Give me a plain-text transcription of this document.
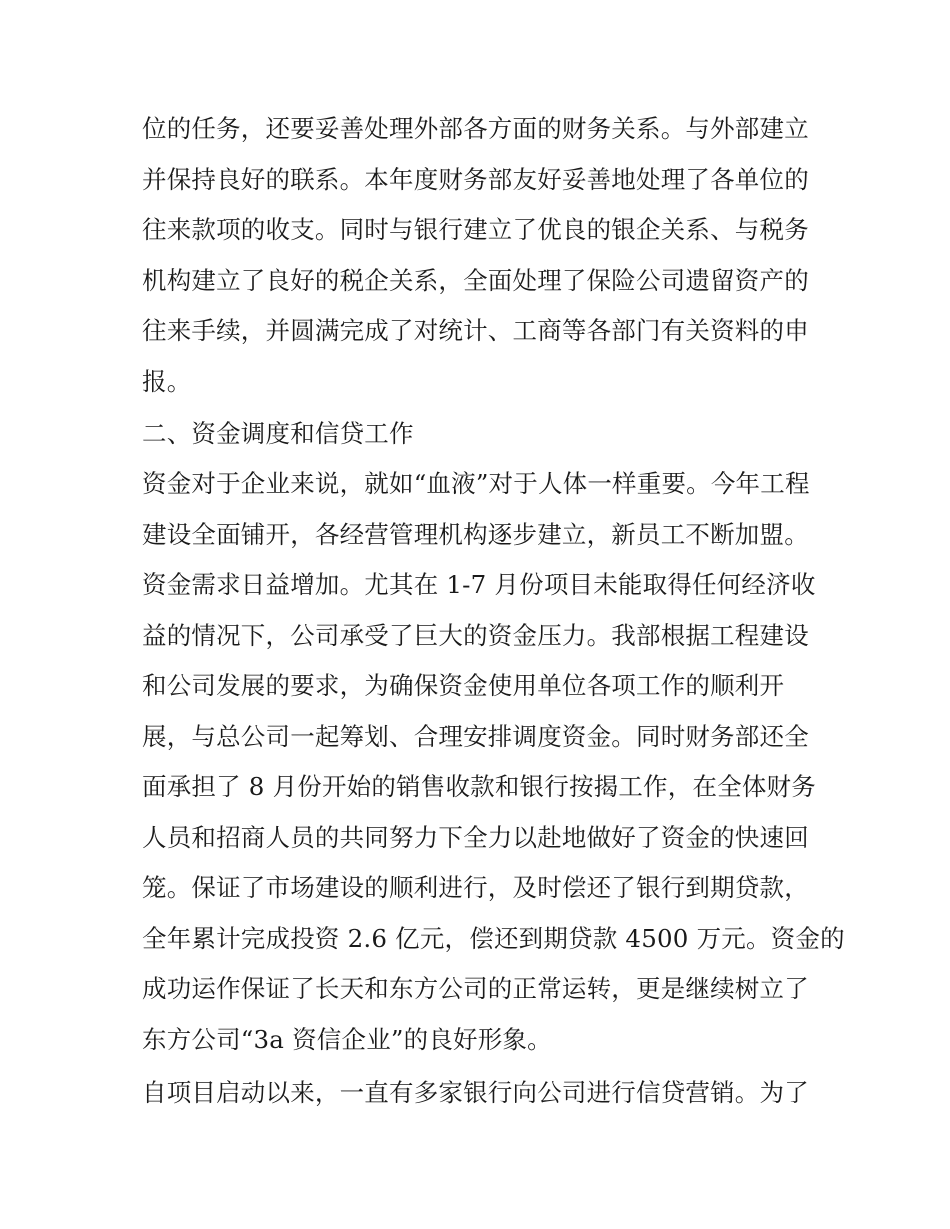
位的任务，还要妥善处理外部各方面的财务关系。与外部建立
并保持良好的联系。本年度财务部友好妥善地处理了各单位的
往来款项的收支。同时与银行建立了优良的银企关系、与税务
机构建立了良好的税企关系，全面处理了保险公司遗留资产的
往来手续，并圆满完成了对统计、工商等各部门有关资料的申
报。
二、资金调度和信贷工作
资金对于企业来说，就如“血液”对于人体一样重要。今年工程
建设全面铺开，各经营管理机构逐步建立，新员工不断加盟。
资金需求日益增加。尤其在 1-7 月份项目未能取得任何经济收
益的情况下，公司承受了巨大的资金压力。我部根据工程建设
和公司发展的要求，为确保资金使用单位各项工作的顺利开
展，与总公司一起筹划、合理安排调度资金。同时财务部还全
面承担了 8 月份开始的销售收款和银行按揭工作，在全体财务
人员和招商人员的共同努力下全力以赴地做好了资金的快速回
笼。保证了市场建设的顺利进行，及时偿还了银行到期贷款，
全年累计完成投资 2.6 亿元，偿还到期贷款 4500 万元。资金的
成功运作保证了长天和东方公司的正常运转，更是继续树立了
东方公司“3a 资信企业”的良好形象。
自项目启动以来，一直有多家银行向公司进行信贷营销。为了
